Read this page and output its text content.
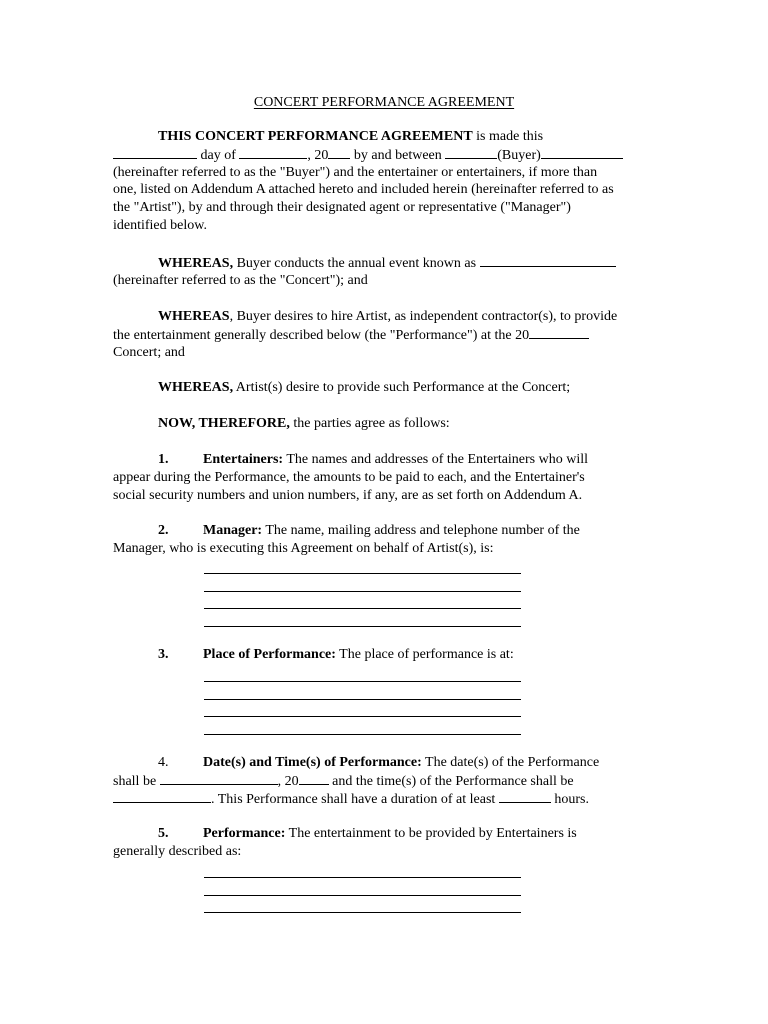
CONCERT PERFORMANCE AGREEMENT
THIS CONCERT PERFORMANCE AGREEMENT is made this
day of	, 20 by and between	(Buyer)
(hereinafter referred to as the "Buyer") and the entertainer or entertainers, if more than
one, listed on Addendum A attached hereto and included herein (hereinafter referred to as
the "Artist"), by and through their designated agent or representative ("Manager")
identified below.
WHEREAS, Buyer conducts the annual event known as
(hereinafter referred to as the "Concert"); and
WHEREAS, Buyer desires to hire Artist, as independent contractor(s), to provide
the entertainment generally described below (the "Performance") at the 20
Concert; and
WHEREAS, Artist(s) desire to provide such Performance at the Concert;
NOW, THEREFORE, the parties agree as follows:
1. Entertainers: The names and addresses of the Entertainers who will
appear during the Performance, the amounts to be paid to each, and the Entertainer's
social security numbers and union numbers, if any, are as set forth on Addendum A.
2. Manager: The name, mailing address and telephone number of the
Manager, who is executing this Agreement on behalf of Artist(s), is:
3. Place of Performance: The place of performance is at:
4. Date(s) and Time(s) of Performance: The date(s) of the Performance
shall be	, 20 and the time(s) of the Performance shall be
. This Performance shall have a duration of at least	hours.
5. Performance: The entertainment to be provided by Entertainers is
generally described as:
